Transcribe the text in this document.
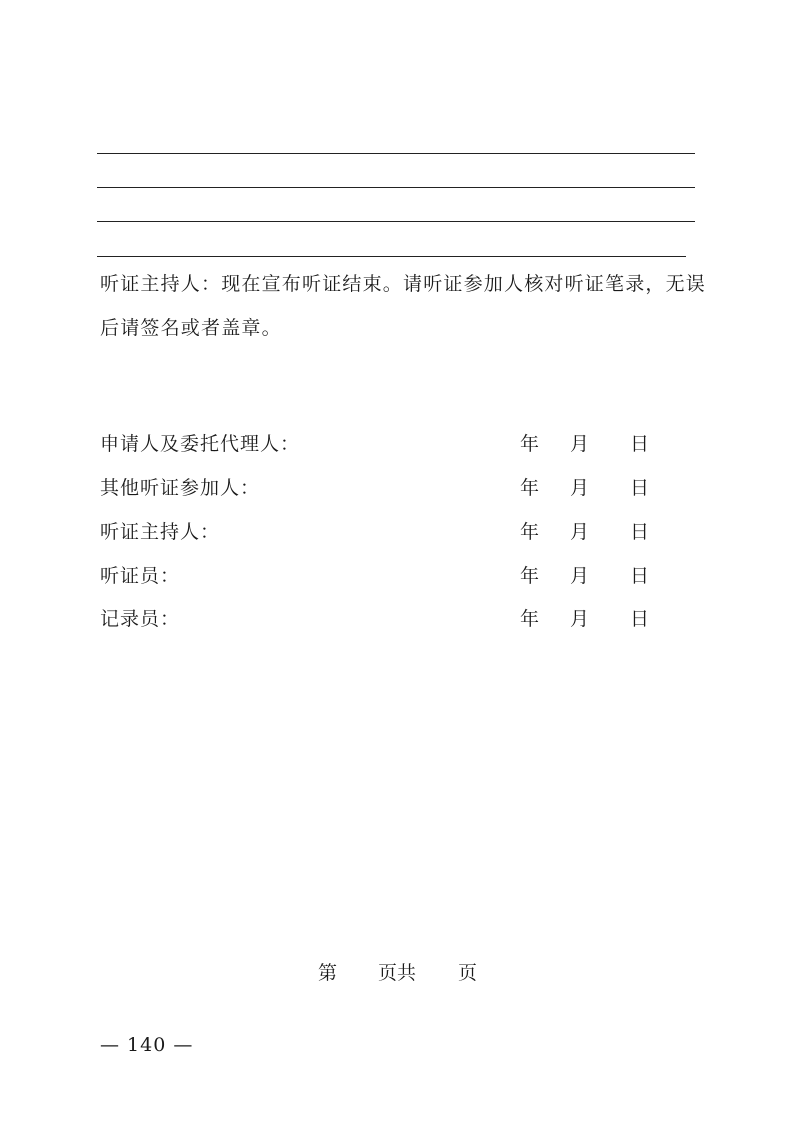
听证主持人：现在宣布听证结束。请听证参加人核对听证笔录，无误
后请签名或者盖章。
申请人及委托代理人：	年 月 日
其他听证参加人：	年 月 日
听证主持人：	年 月 日
听证员：	年 月 日
记录员：	年 月 日
第 页共 页
— 140 —
